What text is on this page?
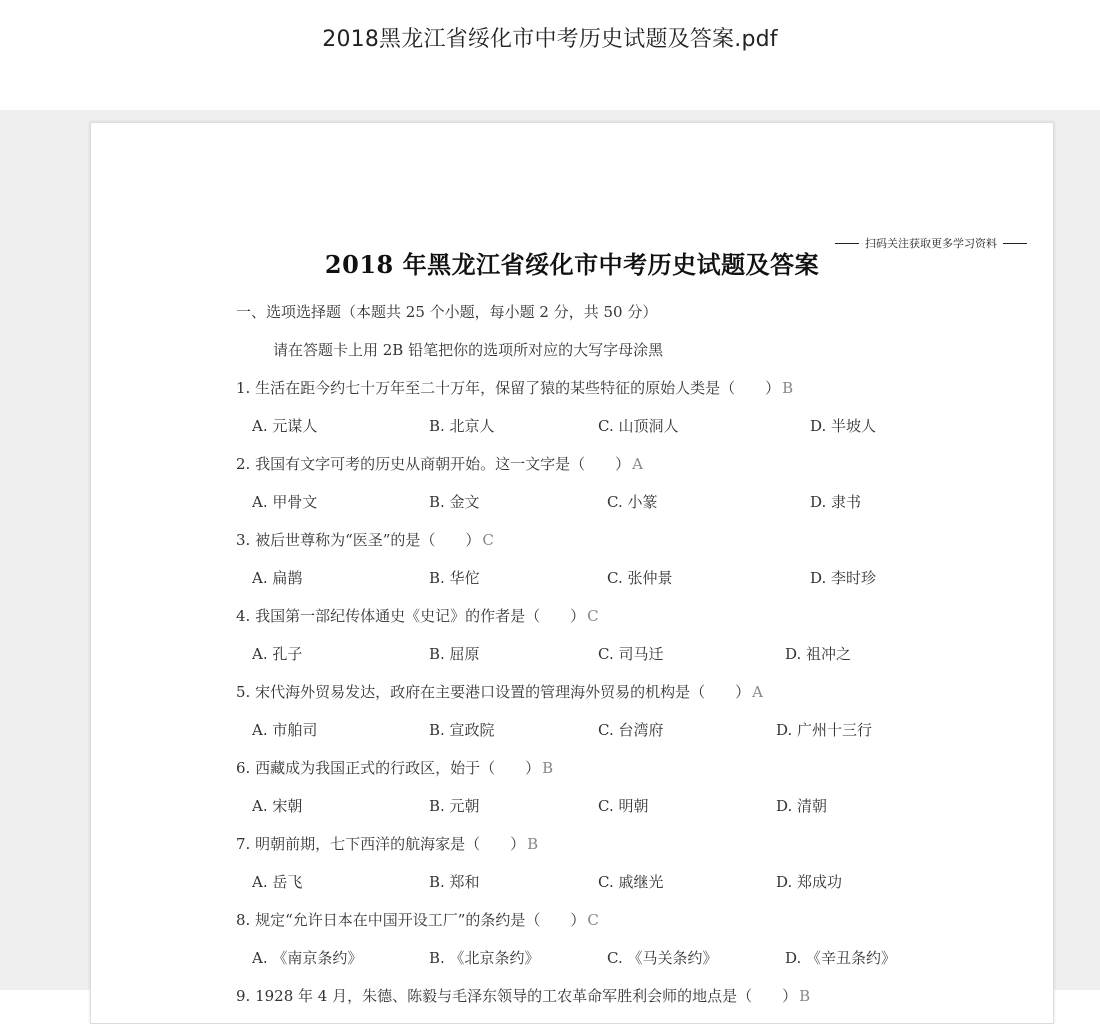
2018黑龙江省绥化市中考历史试题及答案.pdf
扫码关注获取更多学习资料
2018 年黑龙江省绥化市中考历史试题及答案
一、选项选择题（本题共 25 个小题，每小题 2 分，共 50 分）
请在答题卡上用 2B 铅笔把你的选项所对应的大写字母涂黑
1. 生活在距今约七十万年至二十万年，保留了猿的某些特征的原始人类是（　　） B
A. 元谋人	B. 北京人	C. 山顶洞人	D. 半坡人
2. 我国有文字可考的历史从商朝开始。这一文字是（　　） A
A. 甲骨文	B. 金文	C. 小篆	D. 隶书
3. 被后世尊称为“医圣”的是（　　） C
A. 扁鹊	B. 华佗	C. 张仲景	D. 李时珍
4. 我国第一部纪传体通史《史记》的作者是（　　） C
A. 孔子	B. 屈原	C. 司马迁	D. 祖冲之
5. 宋代海外贸易发达，政府在主要港口设置的管理海外贸易的机构是（　　） A
A. 市舶司	B. 宣政院	C. 台湾府	D. 广州十三行
6. 西藏成为我国正式的行政区，始于（　　） B
A. 宋朝	B. 元朝	C. 明朝	D. 清朝
7. 明朝前期，七下西洋的航海家是（　　） B
A. 岳飞	B. 郑和	C. 戚继光	D. 郑成功
8. 规定“允许日本在中国开设工厂”的条约是（　　） C
A. 《南京条约》	B. 《北京条约》	C. 《马关条约》	D. 《辛丑条约》
9. 1928 年 4 月，朱德、陈毅与毛泽东领导的工农革命军胜利会师的地点是（　　） B
